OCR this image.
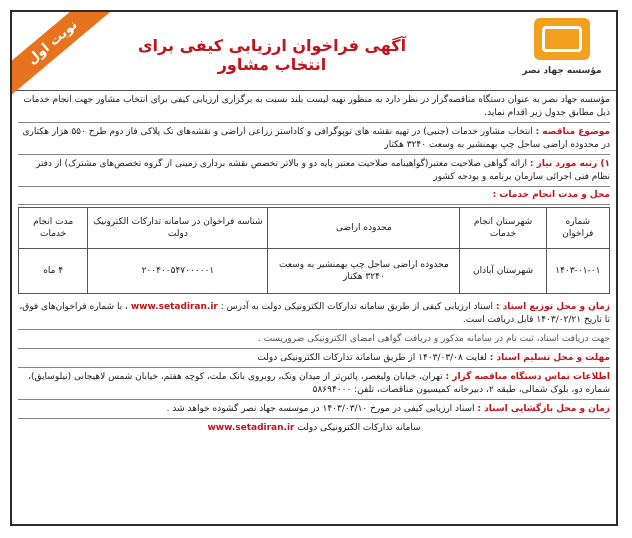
نوبت اول	آگهی فراخوان ارزیابی کیفی برای انتخاب مشاور	مؤسسه جهاد نصر
مؤسسه جهاد نصر به عنوان دستگاه مناقصه‌گزار در نظر دارد به منظور تهیه لیست بلند نسبت به برگزاری ارزیابی کیفی برای انتخاب مشاور جهت انجام خدمات ذیل مطابق جدول زیر اقدام نماید.
موضوع مناقصه : انتخاب مشاور خدمات (جنبی) در تهیه نقشه های توپوگرافی و کاداستر زراعی اراضی و نقشه‌های تک پلاکی فاز دوم طرح ۵۵۰ هزار هکتاری در محدوده اراضی ساحل چپ بهمنشیر به وسعت ۳۲۴۰ هکتار
۱) رتبه مورد نیاز : ارائه گواهی صلاحیت معتبر(گواهینامه صلاحیت معتبر پایه دو و بالاتر تخصص نقشه برداری زمینی از گروه تخصص‌های مشترک) از دفتر نظام فنی اجرائی سازمان برنامه و بودجه کشور
محل و مدت انجام خدمات :
شماره فراخوان	شهرستان انجام خدمات	محدوده اراضی	شناسه فراخوان در سامانه تدارکات الکترونیک دولت	مدت انجام خدمات
۱۴۰۳-۰۱-۰۱	شهرستان آبادان	محدوده اراضی ساحل چپ بهمنشیر به وسعت ۳۲۴۰ هکتار	۲۰۰۴۰۰۵۴۷۰۰۰۰۰۱	۴ ماه
زمان و محل توزیع اسناد : اسناد ارزیابی کیفی از طریق سامانه تدارکات الکترونیکی دولت به آدرس : www.setadiran.ir ، با شماره فراخوان‌های فوق، تا تاریخ ۱۴۰۳/۰۲/۲۱ قابل دریافت است.
جهت دریافت اسناد، ثبت نام در سامانه مذکور و دریافت گواهی امضای الکترونیکی ضروریست .
مهلت و محل تسلیم اسناد : لغایت ۱۴۰۳/۰۳/۰۸ از طریق سامانه تدارکات الکترونیکی دولت
اطلاعات تماس دستگاه مناقصه گزار : تهران، خیابان ولیعصر، پائین‌تر از میدان ونک، روبروی بانک ملت، کوچه هفتم، خیابان شمس لاهیجانی (نیلوسایق)، شماره دو، بلوک شمالی، طبقه ۲، دبیرخانه کمیسیون مناقصات، تلفن: ۵۸۶۹۴۰۰۰
زمان و محل بازگشایی اسناد : اسناد ارزیابی کیفی در مورخ ۱۴۰۳/۰۳/۱۰ در موسسه جهاد نصر گشوده خواهد شد .
سامانه تدارکات الکترونیکی دولت www.setadiran.ir
